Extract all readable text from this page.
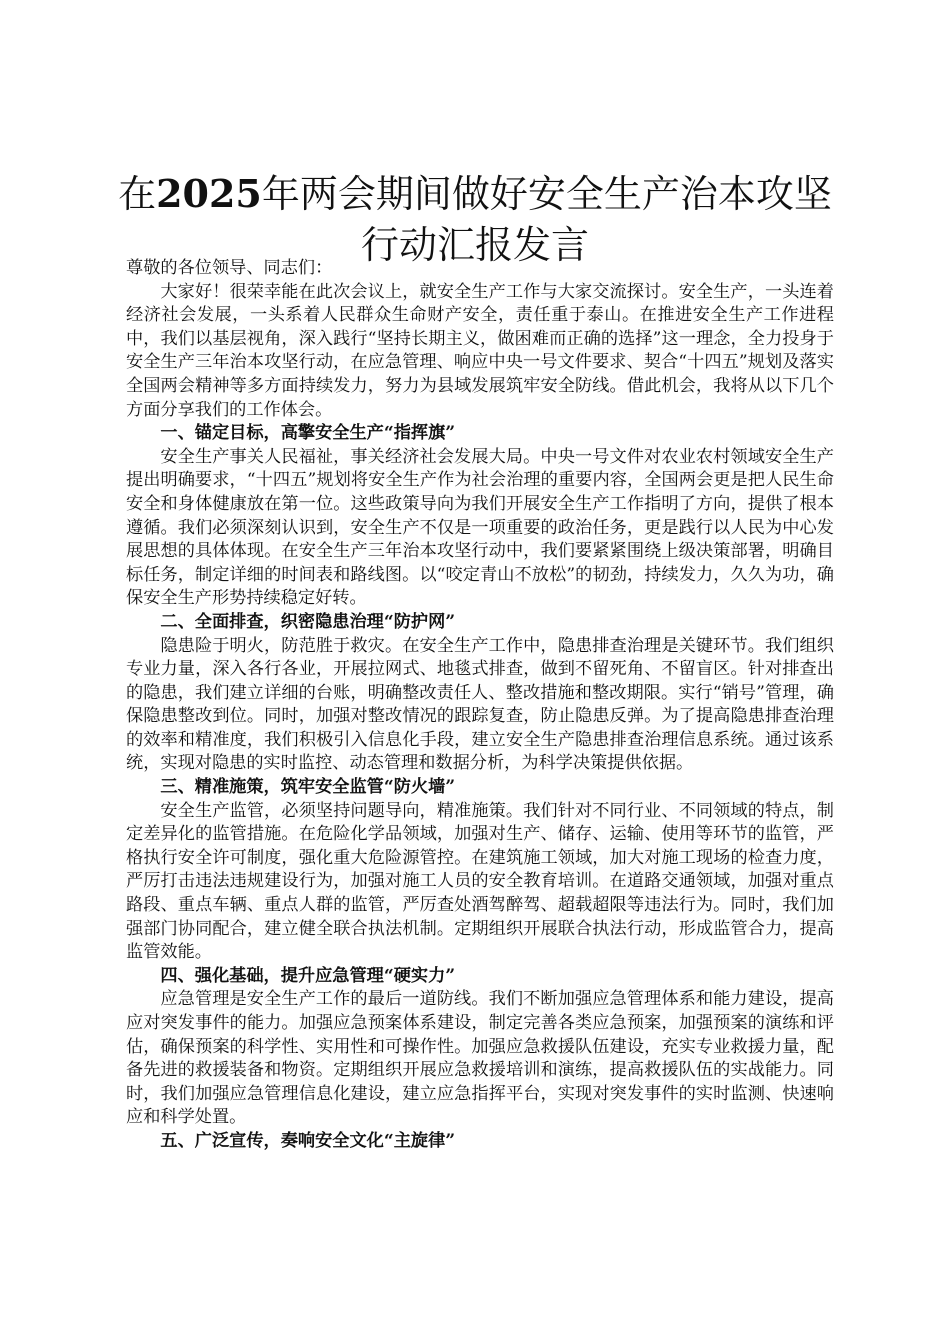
在2025年两会期间做好安全生产治本攻坚行动汇报发言

尊敬的各位领导、同志们：

大家好！很荣幸能在此次会议上，就安全生产工作与大家交流探讨。安全生产，一头连着经济社会发展，一头系着人民群众生命财产安全，责任重于泰山。在推进安全生产工作进程中，我们以基层视角，深入践行“坚持长期主义，做困难而正确的选择”这一理念，全力投身于安全生产三年治本攻坚行动，在应急管理、响应中央一号文件要求、契合“十四五”规划及落实全国两会精神等多方面持续发力，努力为县域发展筑牢安全防线。借此机会，我将从以下几个方面分享我们的工作体会。

一、锚定目标，高擎安全生产“指挥旗”

安全生产事关人民福祉，事关经济社会发展大局。中央一号文件对农业农村领域安全生产提出明确要求，“十四五”规划将安全生产作为社会治理的重要内容，全国两会更是把人民生命安全和身体健康放在第一位。这些政策导向为我们开展安全生产工作指明了方向，提供了根本遵循。我们必须深刻认识到，安全生产不仅是一项重要的政治任务，更是践行以人民为中心发展思想的具体体现。在安全生产三年治本攻坚行动中，我们要紧紧围绕上级决策部署，明确目标任务，制定详细的时间表和路线图。以“咬定青山不放松”的韧劲，持续发力，久久为功，确保安全生产形势持续稳定好转。

二、全面排查，织密隐患治理“防护网”

隐患险于明火，防范胜于救灾。在安全生产工作中，隐患排查治理是关键环节。我们组织专业力量，深入各行各业，开展拉网式、地毯式排查，做到不留死角、不留盲区。针对排查出的隐患，我们建立详细的台账，明确整改责任人、整改措施和整改期限。实行“销号”管理，确保隐患整改到位。同时，加强对整改情况的跟踪复查，防止隐患反弹。为了提高隐患排查治理的效率和精准度，我们积极引入信息化手段，建立安全生产隐患排查治理信息系统。通过该系统，实现对隐患的实时监控、动态管理和数据分析，为科学决策提供依据。

三、精准施策，筑牢安全监管“防火墙”

安全生产监管，必须坚持问题导向，精准施策。我们针对不同行业、不同领域的特点，制定差异化的监管措施。在危险化学品领域，加强对生产、储存、运输、使用等环节的监管，严格执行安全许可制度，强化重大危险源管控。在建筑施工领域，加大对施工现场的检查力度，严厉打击违法违规建设行为，加强对施工人员的安全教育培训。在道路交通领域，加强对重点路段、重点车辆、重点人群的监管，严厉查处酒驾醉驾、超载超限等违法行为。同时，我们加强部门协同配合，建立健全联合执法机制。定期组织开展联合执法行动，形成监管合力，提高监管效能。

四、强化基础，提升应急管理“硬实力”

应急管理是安全生产工作的最后一道防线。我们不断加强应急管理体系和能力建设，提高应对突发事件的能力。加强应急预案体系建设，制定完善各类应急预案，加强预案的演练和评估，确保预案的科学性、实用性和可操作性。加强应急救援队伍建设，充实专业救援力量，配备先进的救援装备和物资。定期组织开展应急救援培训和演练，提高救援队伍的实战能力。同时，我们加强应急管理信息化建设，建立应急指挥平台，实现对突发事件的实时监测、快速响应和科学处置。

五、广泛宣传，奏响安全文化“主旋律”
